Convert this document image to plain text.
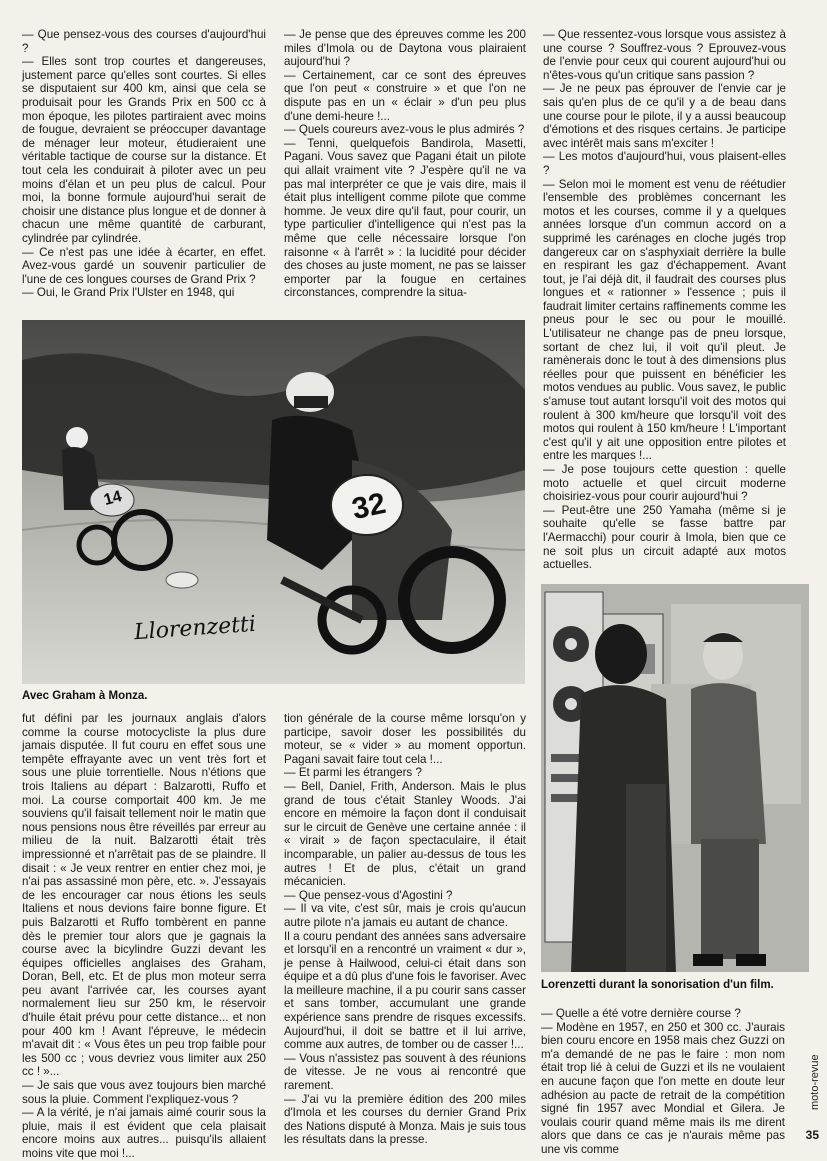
— Que pensez-vous des courses d'aujourd'hui ?

— Elles sont trop courtes et dangereuses, justement parce qu'elles sont courtes. Si elles se disputaient sur 400 km, ainsi que cela se produisait pour les Grands Prix en 500 cc à mon époque, les pilotes partiraient avec moins de fougue, devraient se préoccuper davantage de ménager leur moteur, étudieraient une véritable tactique de course sur la distance. Et tout cela les conduirait à piloter avec un peu moins d'élan et un peu plus de calcul. Pour moi, la bonne formule aujourd'hui serait de choisir une distance plus longue et de donner à chacun une même quantité de carburant, cylindrée par cylindrée.

— Ce n'est pas une idée à écarter, en effet. Avez-vous gardé un souvenir particulier de l'une de ces longues courses de Grand Prix ?

— Oui, le Grand Prix l'Ulster en 1948, qui

— Je pense que des épreuves comme les 200 miles d'Imola ou de Daytona vous plairaient aujourd'hui ?

— Certainement, car ce sont des épreuves que l'on peut « construire » et que l'on ne dispute pas en un « éclair » d'un peu plus d'une demi-heure !...

— Quels coureurs avez-vous le plus admirés ?

— Tenni, quelquefois Bandirola, Masetti, Pagani. Vous savez que Pagani était un pilote qui allait vraiment vite ? J'espère qu'il ne va pas mal interpréter ce que je vais dire, mais il était plus intelligent comme pilote que comme homme. Je veux dire qu'il faut, pour courir, un type particulier d'intelligence qui n'est pas la même que celle nécessaire lorsque l'on raisonne « à l'arrêt » : la lucidité pour décider des choses au juste moment, ne pas se laisser emporter par la fougue en certaines circonstances, comprendre la situa-

— Que ressentez-vous lorsque vous assistez à une course ? Souffrez-vous ? Eprouvez-vous de l'envie pour ceux qui courent aujourd'hui ou n'êtes-vous qu'un critique sans passion ?

— Je ne peux pas éprouver de l'envie car je sais qu'en plus de ce qu'il y a de beau dans une course pour le pilote, il y a aussi beaucoup d'émotions et des risques certains. Je participe avec intérêt mais sans m'exciter !

— Les motos d'aujourd'hui, vous plaisent-elles ?

— Selon moi le moment est venu de réétudier l'ensemble des problèmes concernant les motos et les courses, comme il y a quelques années lorsque d'un commun accord on a supprimé les carénages en cloche jugés trop dangereux car on s'asphyxiait derrière la bulle en respirant les gaz d'échappement. Avant tout, je l'ai déjà dit, il faudrait des courses plus longues et « rationner » l'essence ; puis il faudrait limiter certains raffinements comme les pneus pour le sec ou pour le mouillé. L'utilisateur ne change pas de pneu lorsque, sortant de chez lui, il voit qu'il pleut. Je ramènerais donc le tout à des dimensions plus réelles pour que puissent en bénéficier les motos vendues au public. Vous savez, le public s'amuse tout autant lorsqu'il voit des motos qui roulent à 300 km/heure que lorsqu'il voit des motos qui roulent à 150 km/heure ! L'important c'est qu'il y ait une opposition entre pilotes et entre les marques !...

— Je pose toujours cette question : quelle moto actuelle et quel circuit moderne choisiriez-vous pour courir aujourd'hui ?

— Peut-être une 250 Yamaha (même si je souhaite qu'elle se fasse battre par l'Aermacchi) pour courir à Imola, bien que ce ne soit plus un circuit adapté aux motos actuelles.

32
14
Llorenzetti
Avec Graham à Monza.
Lorenzetti durant la sonorisation d'un film.

fut défini par les journaux anglais d'alors comme la course motocycliste la plus dure jamais disputée. Il fut couru en effet sous une tempête effrayante avec un vent très fort et sous une pluie torrentielle. Nous n'étions que trois Italiens au départ : Balzarotti, Ruffo et moi. La course comportait 400 km. Je me souviens qu'il faisait tellement noir le matin que nous pensions nous être réveillés par erreur au milieu de la nuit. Balzarotti était très impressionné et n'arrêtait pas de se plaindre. Il disait : « Je veux rentrer en entier chez moi, je n'ai pas assassiné mon père, etc. ». J'essayais de les encourager car nous étions les seuls Italiens et nous devions faire bonne figure. Et puis Balzarotti et Ruffo tombèrent en panne dès le premier tour alors que je gagnais la course avec la bicylindre Guzzi devant les équipes officielles anglaises des Graham, Doran, Bell, etc. Et de plus mon moteur serra peu avant l'arrivée car, les courses ayant normalement lieu sur 250 km, le réservoir d'huile était prévu pour cette distance... et non pour 400 km ! Avant l'épreuve, le médecin m'avait dit : « Vous êtes un peu trop faible pour les 500 cc ; vous devriez vous limiter aux 250 cc ! »...

— Je sais que vous avez toujours bien marché sous la pluie. Comment l'expliquez-vous ?

— A la vérité, je n'ai jamais aimé courir sous la pluie, mais il est évident que cela plaisait encore moins aux autres... puisqu'ils allaient moins vite que moi !...

tion générale de la course même lorsqu'on y participe, savoir doser les possibilités du moteur, se « vider » au moment opportun. Pagani savait faire tout cela !...

— Et parmi les étrangers ?

— Bell, Daniel, Frith, Anderson. Mais le plus grand de tous c'était Stanley Woods. J'ai encore en mémoire la façon dont il conduisait sur le circuit de Genève une certaine année : il « virait » de façon spectaculaire, il était incomparable, un palier au-dessus de tous les autres ! Et de plus, c'était un grand mécanicien.

— Que pensez-vous d'Agostini ?

— Il va vite, c'est sûr, mais je crois qu'aucun autre pilote n'a jamais eu autant de chance.

Il a couru pendant des années sans adversaire et lorsqu'il en a rencontré un vraiment « dur », je pense à Hailwood, celui-ci était dans son équipe et a dû plus d'une fois le favoriser. Avec la meilleure machine, il a pu courir sans casser et sans tomber, accumulant une grande expérience sans prendre de risques excessifs. Aujourd'hui, il doit se battre et il lui arrive, comme aux autres, de tomber ou de casser !...

— Vous n'assistez pas souvent à des réunions de vitesse. Je ne vous ai rencontré que rarement.

— J'ai vu la première édition des 200 miles d'Imola et les courses du dernier Grand Prix des Nations disputé à Monza. Mais je suis tous les résultats dans la presse.

— Quelle a été votre dernière course ?

— Modène en 1957, en 250 et 300 cc. J'aurais bien couru encore en 1958 mais chez Guzzi on m'a demandé de ne pas le faire : mon nom était trop lié à celui de Guzzi et ils ne voulaient en aucune façon que l'on mette en doute leur adhésion au pacte de retrait de la compétition signé fin 1957 avec Mondial et Gilera. Je voulais courir quand même mais ils me dirent alors que dans ce cas je n'aurais même pas une vis comme

moto-revue
35
